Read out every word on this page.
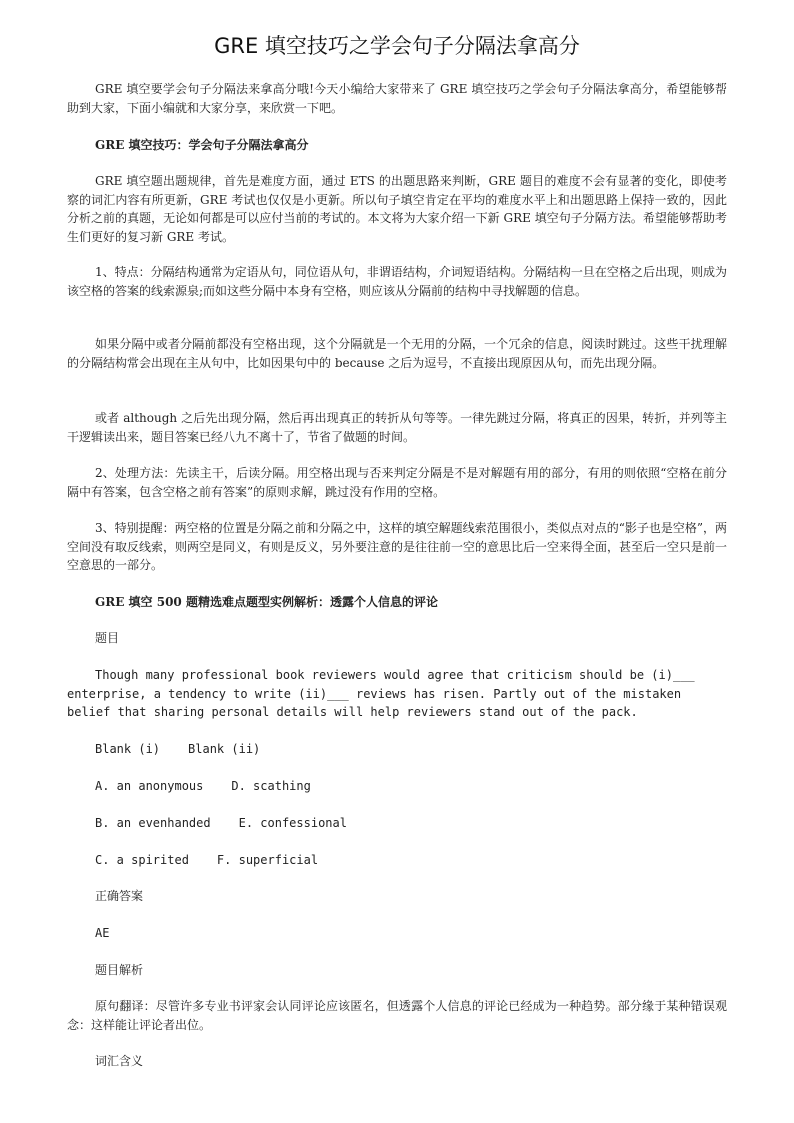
GRE 填空技巧之学会句子分隔法拿高分

GRE 填空要学会句子分隔法来拿高分哦!今天小编给大家带来了 GRE 填空技巧之学会句子分隔法拿高分，希望能够帮助到大家，下面小编就和大家分享，来欣赏一下吧。

GRE 填空技巧：学会句子分隔法拿高分

GRE 填空题出题规律，首先是难度方面，通过 ETS 的出题思路来判断，GRE 题目的难度不会有显著的变化，即使考察的词汇内容有所更新，GRE 考试也仅仅是小更新。所以句子填空肯定在平均的难度水平上和出题思路上保持一致的，因此分析之前的真题，无论如何都是可以应付当前的考试的。本文将为大家介绍一下新 GRE 填空句子分隔方法。希望能够帮助考生们更好的复习新 GRE 考试。

1、特点：分隔结构通常为定语从句，同位语从句，非谓语结构，介词短语结构。分隔结构一旦在空格之后出现，则成为该空格的答案的线索源泉;而如这些分隔中本身有空格，则应该从分隔前的结构中寻找解题的信息。

如果分隔中或者分隔前都没有空格出现，这个分隔就是一个无用的分隔，一个冗余的信息，阅读时跳过。这些干扰理解的分隔结构常会出现在主从句中，比如因果句中的 because 之后为逗号，不直接出现原因从句，而先出现分隔。

或者 although 之后先出现分隔，然后再出现真正的转折从句等等。一律先跳过分隔，将真正的因果，转折，并列等主干逻辑读出来，题目答案已经八九不离十了，节省了做题的时间。

2、处理方法：先读主干，后读分隔。用空格出现与否来判定分隔是不是对解题有用的部分，有用的则依照“空格在前分隔中有答案，包含空格之前有答案”的原则求解，跳过没有作用的空格。

3、特别提醒：两空格的位置是分隔之前和分隔之中，这样的填空解题线索范围很小，类似点对点的“影子也是空格”，两空间没有取反线索，则两空是同义，有则是反义，另外要注意的是往往前一空的意思比后一空来得全面，甚至后一空只是前一空意思的一部分。

GRE 填空 500 题精选难点题型实例解析：透露个人信息的评论

题目

Though many professional book reviewers would agree that criticism should be (i)___ enterprise, a tendency to write (ii)___ reviews has risen. Partly out of the mistaken belief that sharing personal details will help reviewers stand out of the pack.

Blank (i) Blank (ii)

A. an anonymous D. scathing

B. an evenhanded E. confessional

C. a spirited F. superficial

正确答案

AE

题目解析

原句翻译：尽管许多专业书评家会认同评论应该匿名，但透露个人信息的评论已经成为一种趋势。部分缘于某种错误观念：这样能让评论者出位。

词汇含义
